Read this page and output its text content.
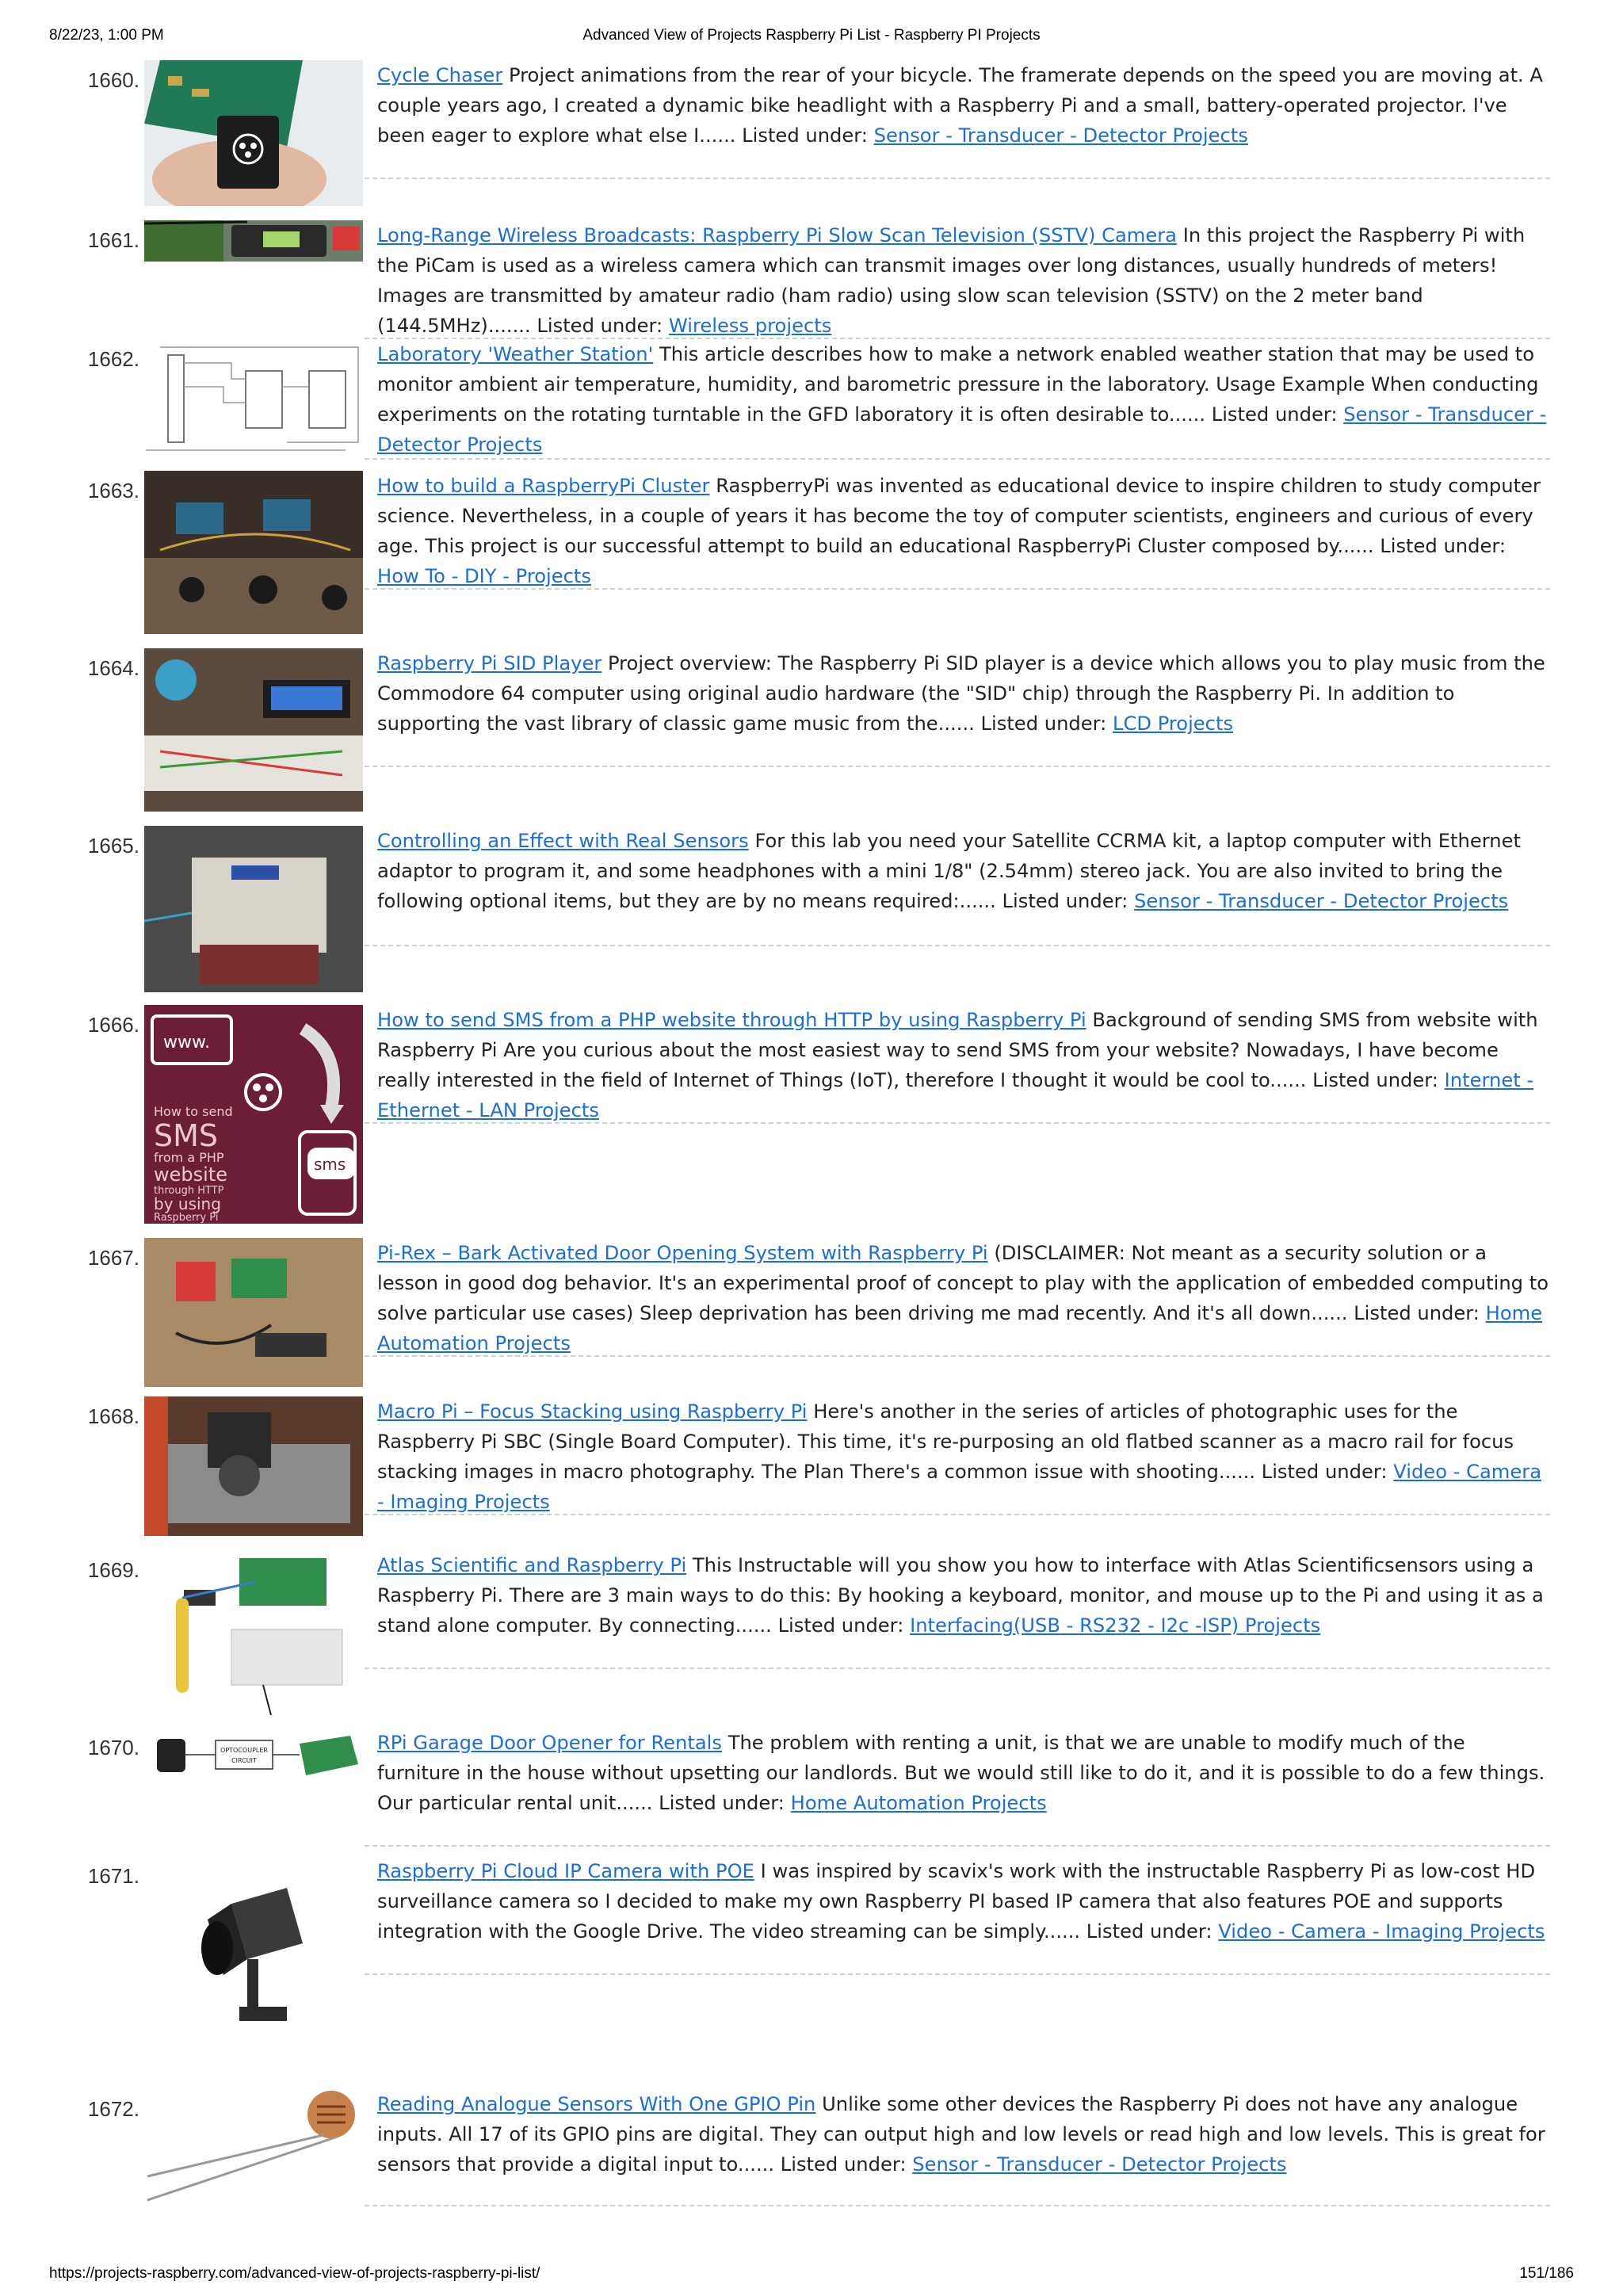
8/22/23, 1:00 PM	Advanced View of Projects Raspberry Pi List - Raspberry PI Projects
1660.	Cycle Chaser Project animations from the rear of your bicycle. The framerate depends on the speed you are moving at. A couple years ago, I created a dynamic bike headlight with a Raspberry Pi and a small, battery-operated projector. I've been eager to explore what else I...... Listed under: Sensor - Transducer - Detector Projects
1661.	Long-Range Wireless Broadcasts: Raspberry Pi Slow Scan Television (SSTV) Camera In this project the Raspberry Pi with the PiCam is used as a wireless camera which can transmit images over long distances, usually hundreds of meters! Images are transmitted by amateur radio (ham radio) using slow scan television (SSTV) on the 2 meter band (144.5MHz)....... Listed under: Wireless projects
1662.	Laboratory 'Weather Station' This article describes how to make a network enabled weather station that may be used to monitor ambient air temperature, humidity, and barometric pressure in the laboratory. Usage Example When conducting experiments on the rotating turntable in the GFD laboratory it is often desirable to...... Listed under: Sensor - Transducer - Detector Projects
1663.	How to build a RaspberryPi Cluster RaspberryPi was invented as educational device to inspire children to study computer science. Nevertheless, in a couple of years it has become the toy of computer scientists, engineers and curious of every age. This project is our successful attempt to build an educational RaspberryPi Cluster composed by...... Listed under: How To - DIY - Projects
1664.	Raspberry Pi SID Player Project overview: The Raspberry Pi SID player is a device which allows you to play music from the Commodore 64 computer using original audio hardware (the "SID" chip) through the Raspberry Pi. In addition to supporting the vast library of classic game music from the...... Listed under: LCD Projects
1665.	Controlling an Effect with Real Sensors For this lab you need your Satellite CCRMA kit, a laptop computer with Ethernet adaptor to program it, and some headphones with a mini 1/8" (2.54mm) stereo jack. You are also invited to bring the following optional items, but they are by no means required:...... Listed under: Sensor - Transducer - Detector Projects
1666.
www.
How to send
SMS
from a PHP
website
through HTTP
by using
Raspberry Pi
sms
How to send SMS from a PHP website through HTTP by using Raspberry Pi Background of sending SMS from website with Raspberry Pi Are you curious about the most easiest way to send SMS from your website? Nowadays, I have become really interested in the field of Internet of Things (IoT), therefore I thought it would be cool to...... Listed under: Internet - Ethernet - LAN Projects
1667.	Pi-Rex – Bark Activated Door Opening System with Raspberry Pi (DISCLAIMER: Not meant as a security solution or a lesson in good dog behavior. It's an experimental proof of concept to play with the application of embedded computing to solve particular use cases) Sleep deprivation has been driving me mad recently. And it's all down...... Listed under: Home Automation Projects
1668.	Macro Pi – Focus Stacking using Raspberry Pi Here's another in the series of articles of photographic uses for the Raspberry Pi SBC (Single Board Computer). This time, it's re-purposing an old flatbed scanner as a macro rail for focus stacking images in macro photography. The Plan There's a common issue with shooting...... Listed under: Video - Camera - Imaging Projects
1669.	Atlas Scientific and Raspberry Pi This Instructable will you show you how to interface with Atlas Scientificsensors using a Raspberry Pi. There are 3 main ways to do this: By hooking a keyboard, monitor, and mouse up to the Pi and using it as a stand alone computer. By connecting...... Listed under: Interfacing(USB - RS232 - I2c -ISP) Projects
1670.	OPTOCOUPLER
CIRCUIT
RPi Garage Door Opener for Rentals The problem with renting a unit, is that we are unable to modify much of the furniture in the house without upsetting our landlords. But we would still like to do it, and it is possible to do a few things. Our particular rental unit...... Listed under: Home Automation Projects
1671.	Raspberry Pi Cloud IP Camera with POE I was inspired by scavix's work with the instructable Raspberry Pi as low-cost HD surveillance camera so I decided to make my own Raspberry PI based IP camera that also features POE and supports integration with the Google Drive. The video streaming can be simply...... Listed under: Video - Camera - Imaging Projects
1672.	Reading Analogue Sensors With One GPIO Pin Unlike some other devices the Raspberry Pi does not have any analogue inputs. All 17 of its GPIO pins are digital. They can output high and low levels or read high and low levels. This is great for sensors that provide a digital input to...... Listed under: Sensor - Transducer - Detector Projects
https://projects-raspberry.com/advanced-view-of-projects-raspberry-pi-list/	151/186
